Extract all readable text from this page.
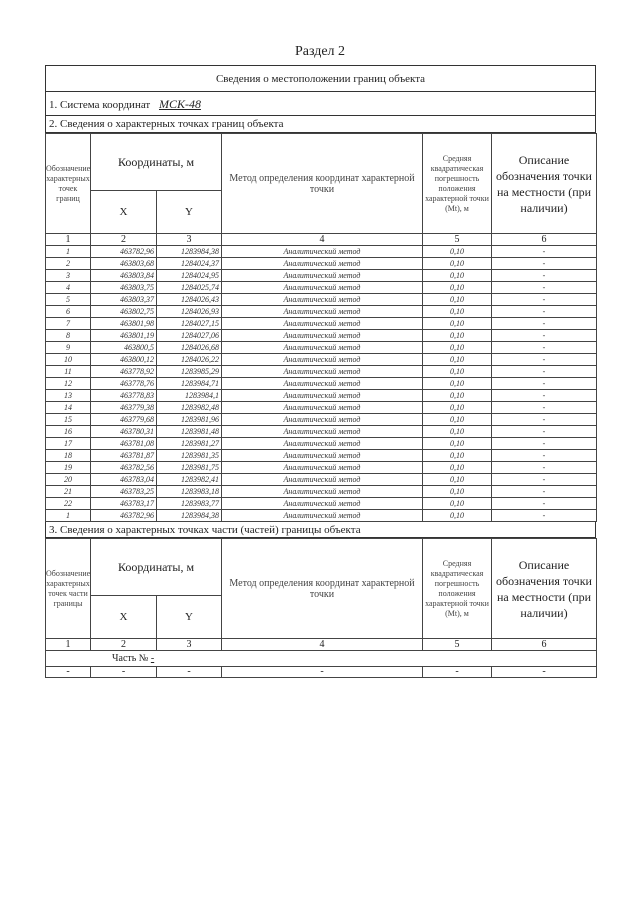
Раздел 2
Сведения о местоположении границ объекта
1. Система координат МСК-48
2. Сведения о характерных точках границ объекта
Обозначение характерных точек границ	Координаты, м		Метод определения координат характерной точки	Средняя квадратическая погрешность положения характерной точки (Mt), м	Описание обозначения точки на местности (при наличии)
	X	Y			
1	2	3	4	5	6
1	463782,96	1283984,38	Аналитический метод	0,10	-
2	463803,68	1284024,37	Аналитический метод	0,10	-
3	463803,84	1284024,95	Аналитический метод	0,10	-
4	463803,75	1284025,74	Аналитический метод	0,10	-
5	463803,37	1284026,43	Аналитический метод	0,10	-
6	463802,75	1284026,93	Аналитический метод	0,10	-
7	463801,98	1284027,15	Аналитический метод	0,10	-
8	463801,19	1284027,06	Аналитический метод	0,10	-
9	463800,5	1284026,68	Аналитический метод	0,10	-
10	463800,12	1284026,22	Аналитический метод	0,10	-
11	463778,92	1283985,29	Аналитический метод	0,10	-
12	463778,76	1283984,71	Аналитический метод	0,10	-
13	463778,83	1283984,1	Аналитический метод	0,10	-
14	463779,38	1283982,48	Аналитический метод	0,10	-
15	463779,68	1283981,96	Аналитический метод	0,10	-
16	463780,31	1283981,48	Аналитический метод	0,10	-
17	463781,08	1283981,27	Аналитический метод	0,10	-
18	463781,87	1283981,35	Аналитический метод	0,10	-
19	463782,56	1283981,75	Аналитический метод	0,10	-
20	463783,04	1283982,41	Аналитический метод	0,10	-
21	463783,25	1283983,18	Аналитический метод	0,10	-
22	463783,17	1283983,77	Аналитический метод	0,10	-
1	463782,96	1283984,38	Аналитический метод	0,10	-
3. Сведения о характерных точках части (частей) границы объекта
Обозначение характерных точек части границы	Координаты, м		Метод определения координат характерной точки	Средняя квадратическая погрешность положения характерной точки (Mt), м	Описание обозначения точки на местности (при наличии)
	X	Y			
1	2	3	4	5	6
Часть № -					
-	-	-	-	-	-
